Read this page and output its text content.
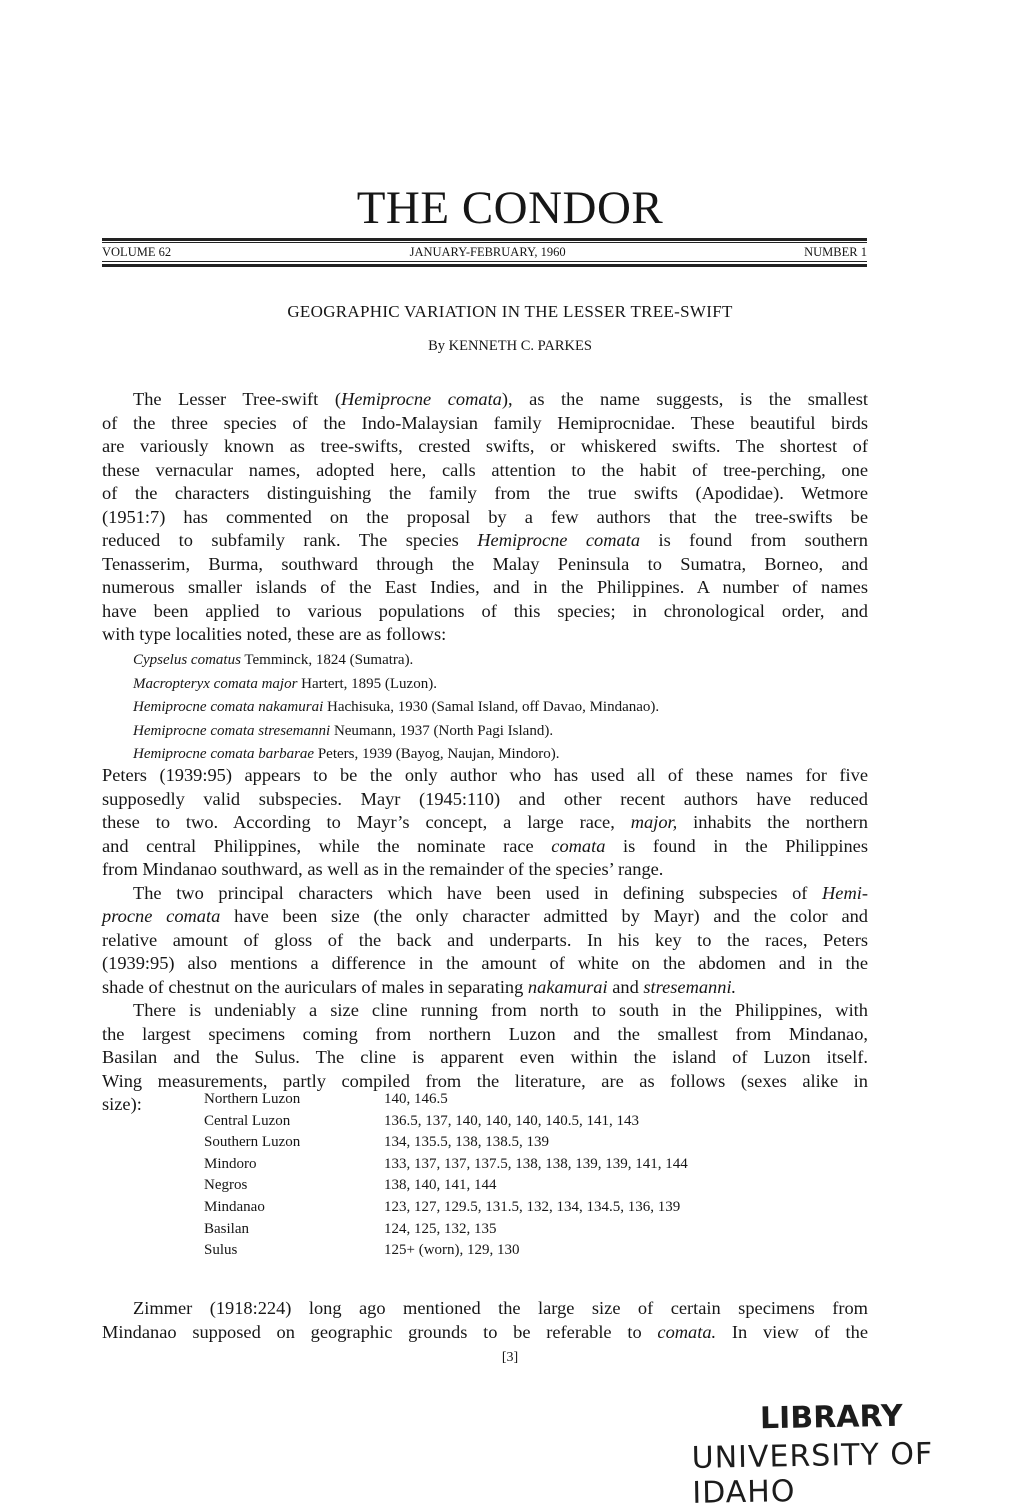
THE CONDOR
VOLUME 62	JANUARY-FEBRUARY, 1960	NUMBER 1
GEOGRAPHIC VARIATION IN THE LESSER TREE-SWIFT
By KENNETH C. PARKES
The Lesser Tree-swift (Hemiprocne comata), as the name suggests, is the smallest
of the three species of the Indo-Malaysian family Hemiprocnidae. These beautiful birds
are variously known as tree-swifts, crested swifts, or whiskered swifts. The shortest of
these vernacular names, adopted here, calls attention to the habit of tree-perching, one
of the characters distinguishing the family from the true swifts (Apodidae). Wetmore
(1951:7) has commented on the proposal by a few authors that the tree-swifts be
reduced to subfamily rank. The species Hemiprocne comata is found from southern
Tenasserim, Burma, southward through the Malay Peninsula to Sumatra, Borneo, and
numerous smaller islands of the East Indies, and in the Philippines. A number of names
have been applied to various populations of this species; in chronological order, and
with type localities noted, these are as follows:
Cypselus comatus Temminck, 1824 (Sumatra).
Macropteryx comata major Hartert, 1895 (Luzon).
Hemiprocne comata nakamurai Hachisuka, 1930 (Samal Island, off Davao, Mindanao).
Hemiprocne comata stresemanni Neumann, 1937 (North Pagi Island).
Hemiprocne comata barbarae Peters, 1939 (Bayog, Naujan, Mindoro).
Peters (1939:95) appears to be the only author who has used all of these names for five
supposedly valid subspecies. Mayr (1945:110) and other recent authors have reduced
these to two. According to Mayr’s concept, a large race, major, inhabits the northern
and central Philippines, while the nominate race comata is found in the Philippines
from Mindanao southward, as well as in the remainder of the species’ range.
The two principal characters which have been used in defining subspecies of Hemi-
procne comata have been size (the only character admitted by Mayr) and the color and
relative amount of gloss of the back and underparts. In his key to the races, Peters
(1939:95) also mentions a difference in the amount of white on the abdomen and in the
shade of chestnut on the auriculars of males in separating nakamurai and stresemanni.
There is undeniably a size cline running from north to south in the Philippines, with
the largest specimens coming from northern Luzon and the smallest from Mindanao,
Basilan and the Sulus. The cline is apparent even within the island of Luzon itself.
Wing measurements, partly compiled from the literature, are as follows (sexes alike in
size):
Zimmer (1918:224) long ago mentioned the large size of certain specimens from
Mindanao supposed on geographic grounds to be referable to comata. In view of the
Northern Luzon	140, 146.5
Central Luzon	136.5, 137, 140, 140, 140, 140.5, 141, 143
Southern Luzon	134, 135.5, 138, 138.5, 139
Mindoro	133, 137, 137, 137.5, 138, 138, 139, 139, 141, 144
Negros	138, 140, 141, 144
Mindanao	123, 127, 129.5, 131.5, 132, 134, 134.5, 136, 139
Basilan	124, 125, 132, 135
Sulus	125+ (worn), 129, 130
[3]
LIBRARY
UNIVERSITY OF IDAHO
